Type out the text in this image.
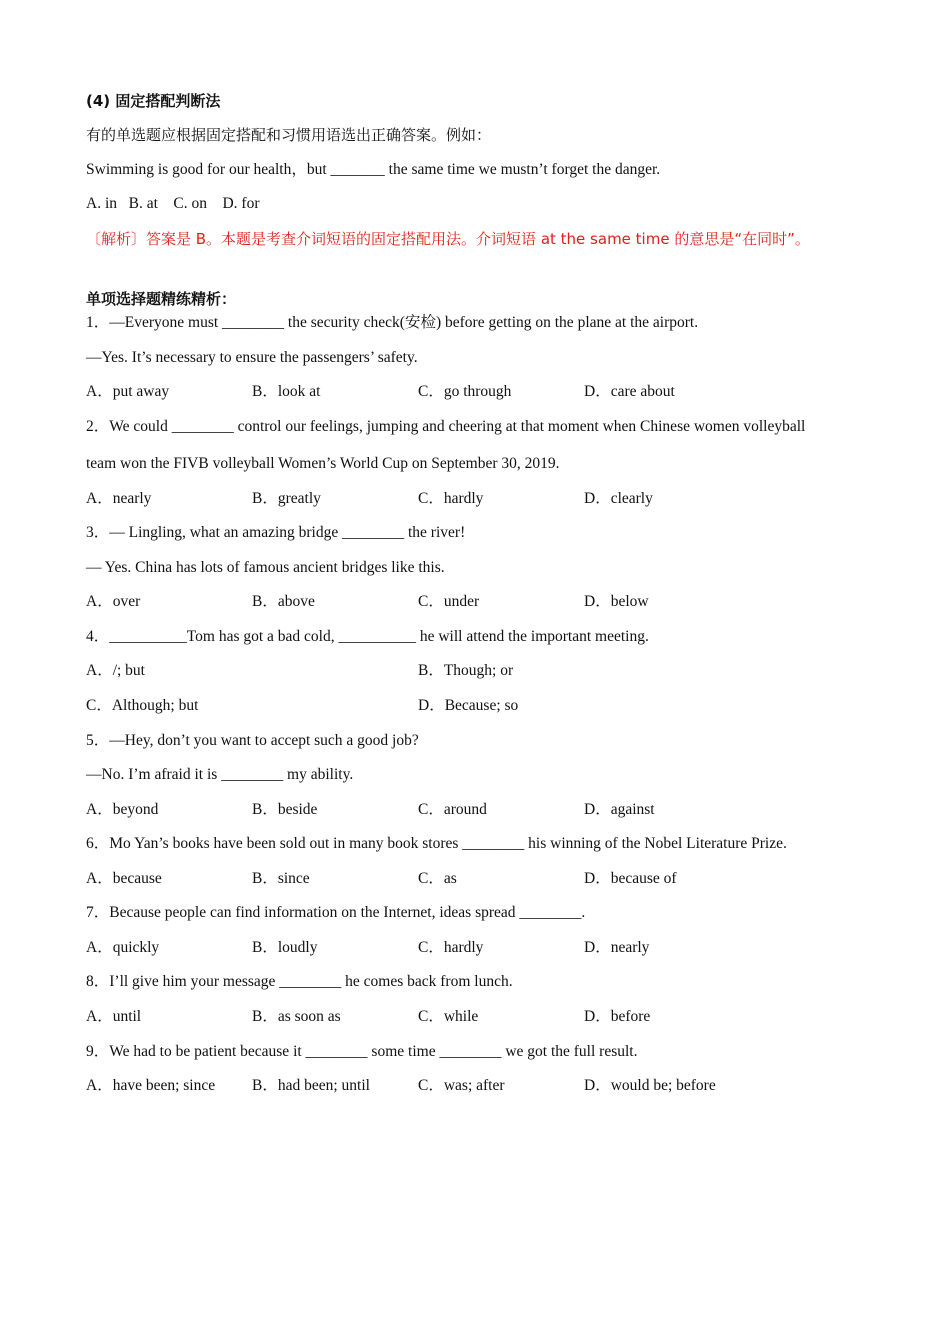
(4) 固定搭配判断法
有的单选题应根据固定搭配和习惯用语选出正确答案。例如：
Swimming is good for our health，but _______ the same time we mustn’t forget the danger.
A. in   B. at    C. on    D. for
〔解析〕答案是 B。本题是考查介词短语的固定搭配用法。介词短语 at the same time 的意思是“在同时”。
单项选择题精练精析：
1．—Everyone must ________ the security check(安检) before getting on the plane at the airport.
—Yes. It’s necessary to ensure the passengers’ safety.
A．put away	B．look at	C．go through	D．care about
2．We could ________ control our feelings, jumping and cheering at that moment when Chinese women volleyball
team won the FIVB volleyball Women’s World Cup on September 30, 2019.
A．nearly	B．greatly	C．hardly	D．clearly
3．— Lingling, what an amazing bridge ________ the river!
— Yes. China has lots of famous ancient bridges like this.
A．over	B．above	C．under	D．below
4．__________Tom has got a bad cold, __________ he will attend the important meeting.
A．/; but	B．Though; or
C．Although; but	D．Because; so
5．—Hey, don’t you want to accept such a good job?
—No. I’m afraid it is ________ my ability.
A．beyond	B．beside	C．around	D．against
6．Mo Yan’s books have been sold out in many book stores ________ his winning of the Nobel Literature Prize.
A．because	B．since	C．as	D．because of
7．Because people can find information on the Internet, ideas spread ________.
A．quickly	B．loudly	C．hardly	D．nearly
8．I’ll give him your message ________ he comes back from lunch.
A．until	B．as soon as	C．while	D．before
9．We had to be patient because it ________ some time ________ we got the full result.
A．have been; since B．had been; until	C．was; after	D．would be; before
